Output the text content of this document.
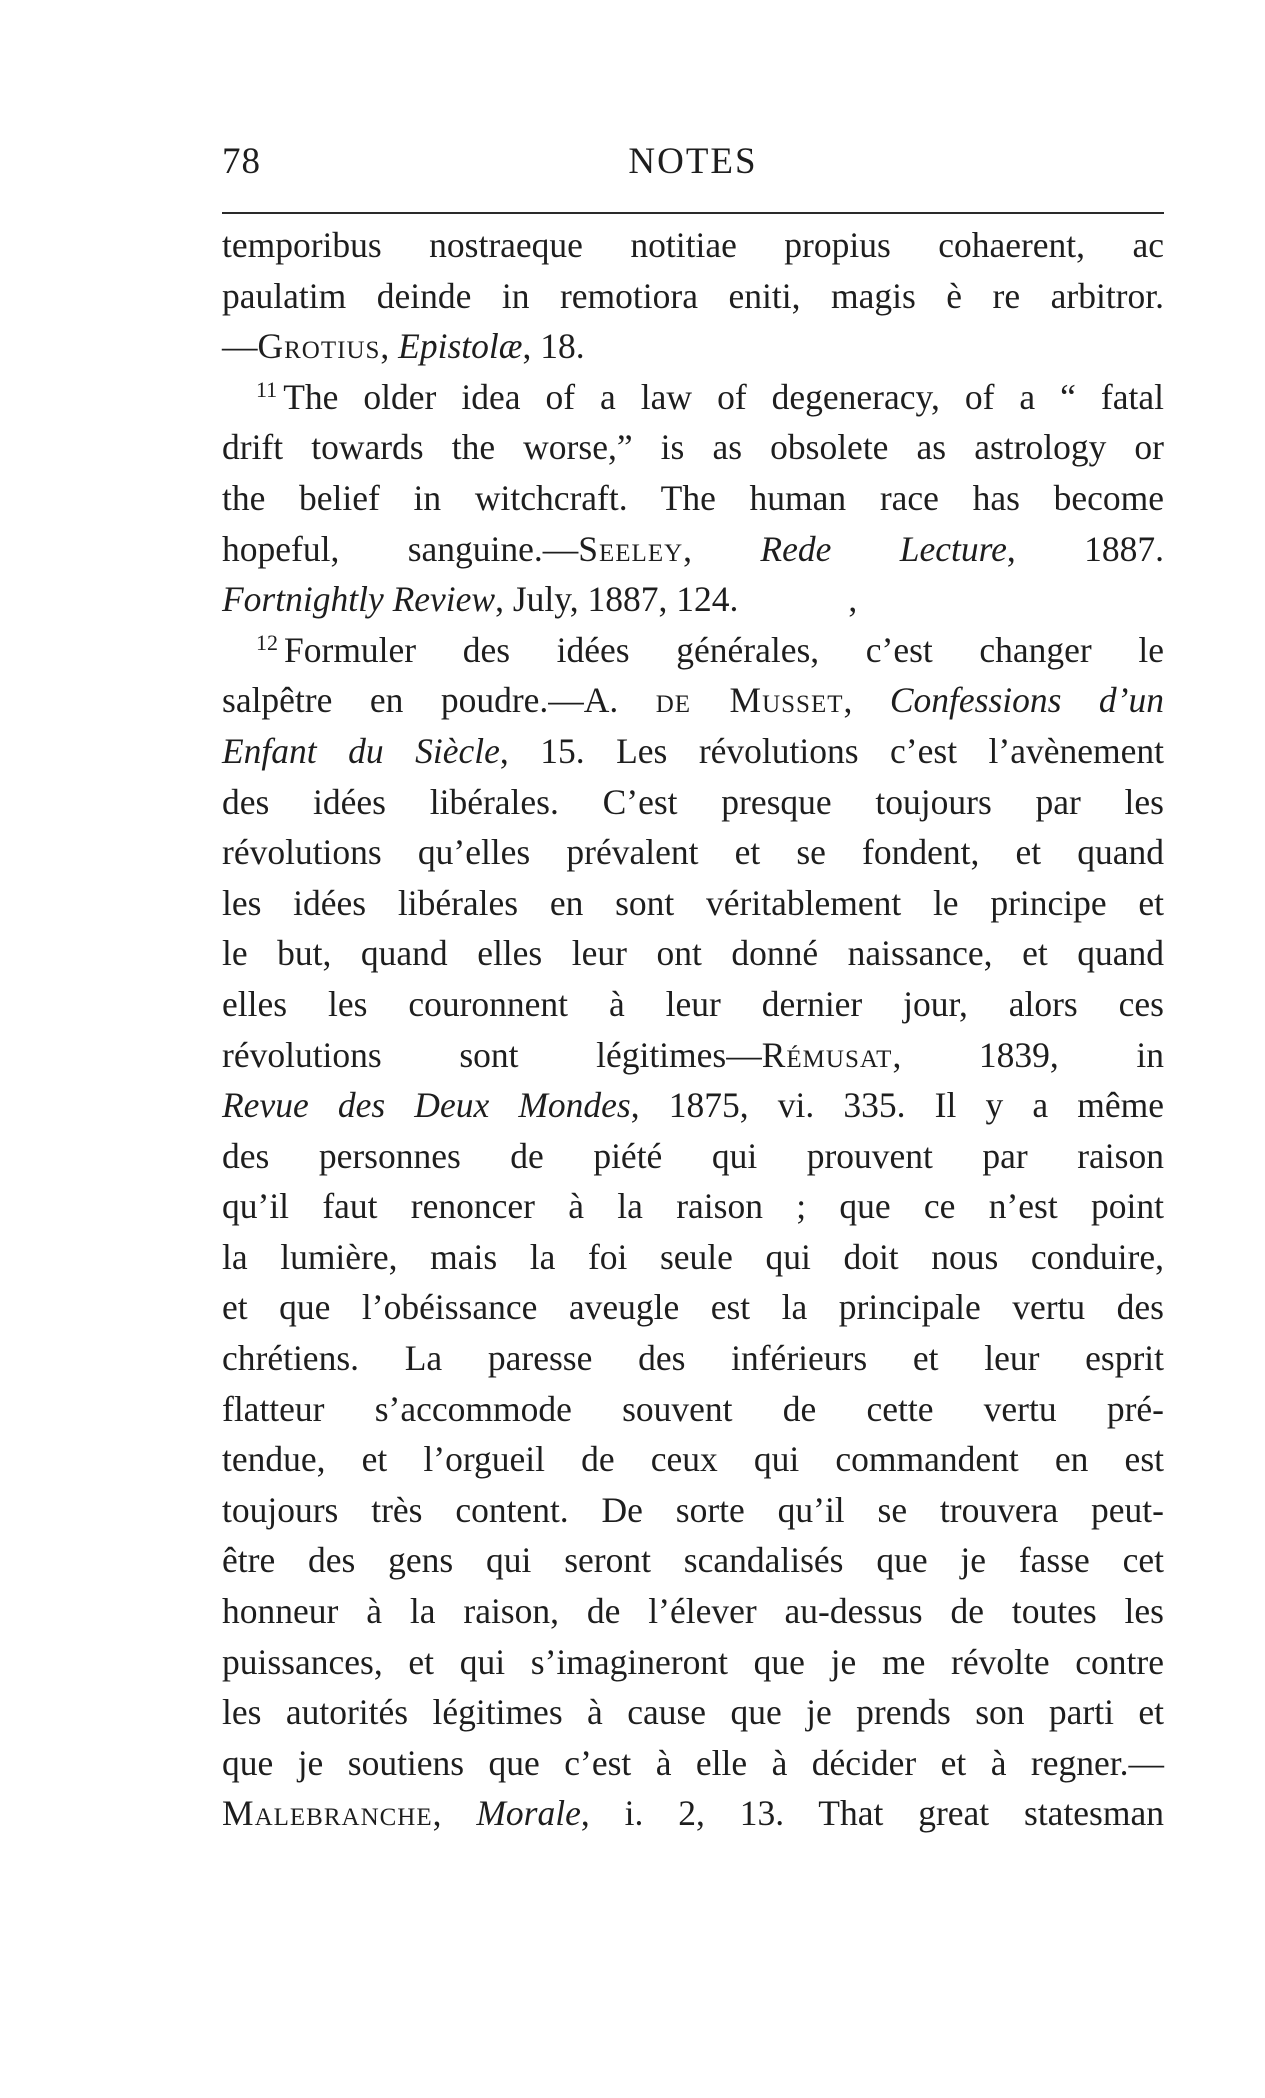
78	NOTES
temporibus nostraeque notitiae propius cohaerent, ac
paulatim deinde in remotiora eniti, magis è re arbitror.
—Grotius, Epistolæ, 18.
$^{11}$ The older idea of a law of degeneracy, of a “ fatal
drift towards the worse,” is as obsolete as astrology or
the belief in witchcraft. The human race has become
hopeful, sanguine.—Seeley, Rede Lecture, 1887.
Fortnightly Review, July, 1887, 124.	,
$^{12}$ Formuler des idées générales, c’est changer le
salpêtre en poudre.—A. de Musset, Confessions d’un
Enfant du Siècle, 15. Les révolutions c’est l’avènement
des idées libérales. C’est presque toujours par les
révolutions qu’elles prévalent et se fondent, et quand
les idées libérales en sont véritablement le principe et
le but, quand elles leur ont donné naissance, et quand
elles les couronnent à leur dernier jour, alors ces
révolutions sont légitimes—Rémusat, 1839, in
Revue des Deux Mondes, 1875, vi. 335. Il y a même
des personnes de piété qui prouvent par raison
qu’il faut renoncer à la raison ; que ce n’est point
la lumière, mais la foi seule qui doit nous conduire,
et que l’obéissance aveugle est la principale vertu des
chrétiens. La paresse des inférieurs et leur esprit
flatteur s’accommode souvent de cette vertu pré-
tendue, et l’orgueil de ceux qui commandent en est
toujours très content. De sorte qu’il se trouvera peut-
être des gens qui seront scandalisés que je fasse cet
honneur à la raison, de l’élever au-dessus de toutes les
puissances, et qui s’imagineront que je me révolte contre
les autorités légitimes à cause que je prends son parti et
que je soutiens que c’est à elle à décider et à regner.—
Malebranche, Morale, i. 2, 13. That great statesman
